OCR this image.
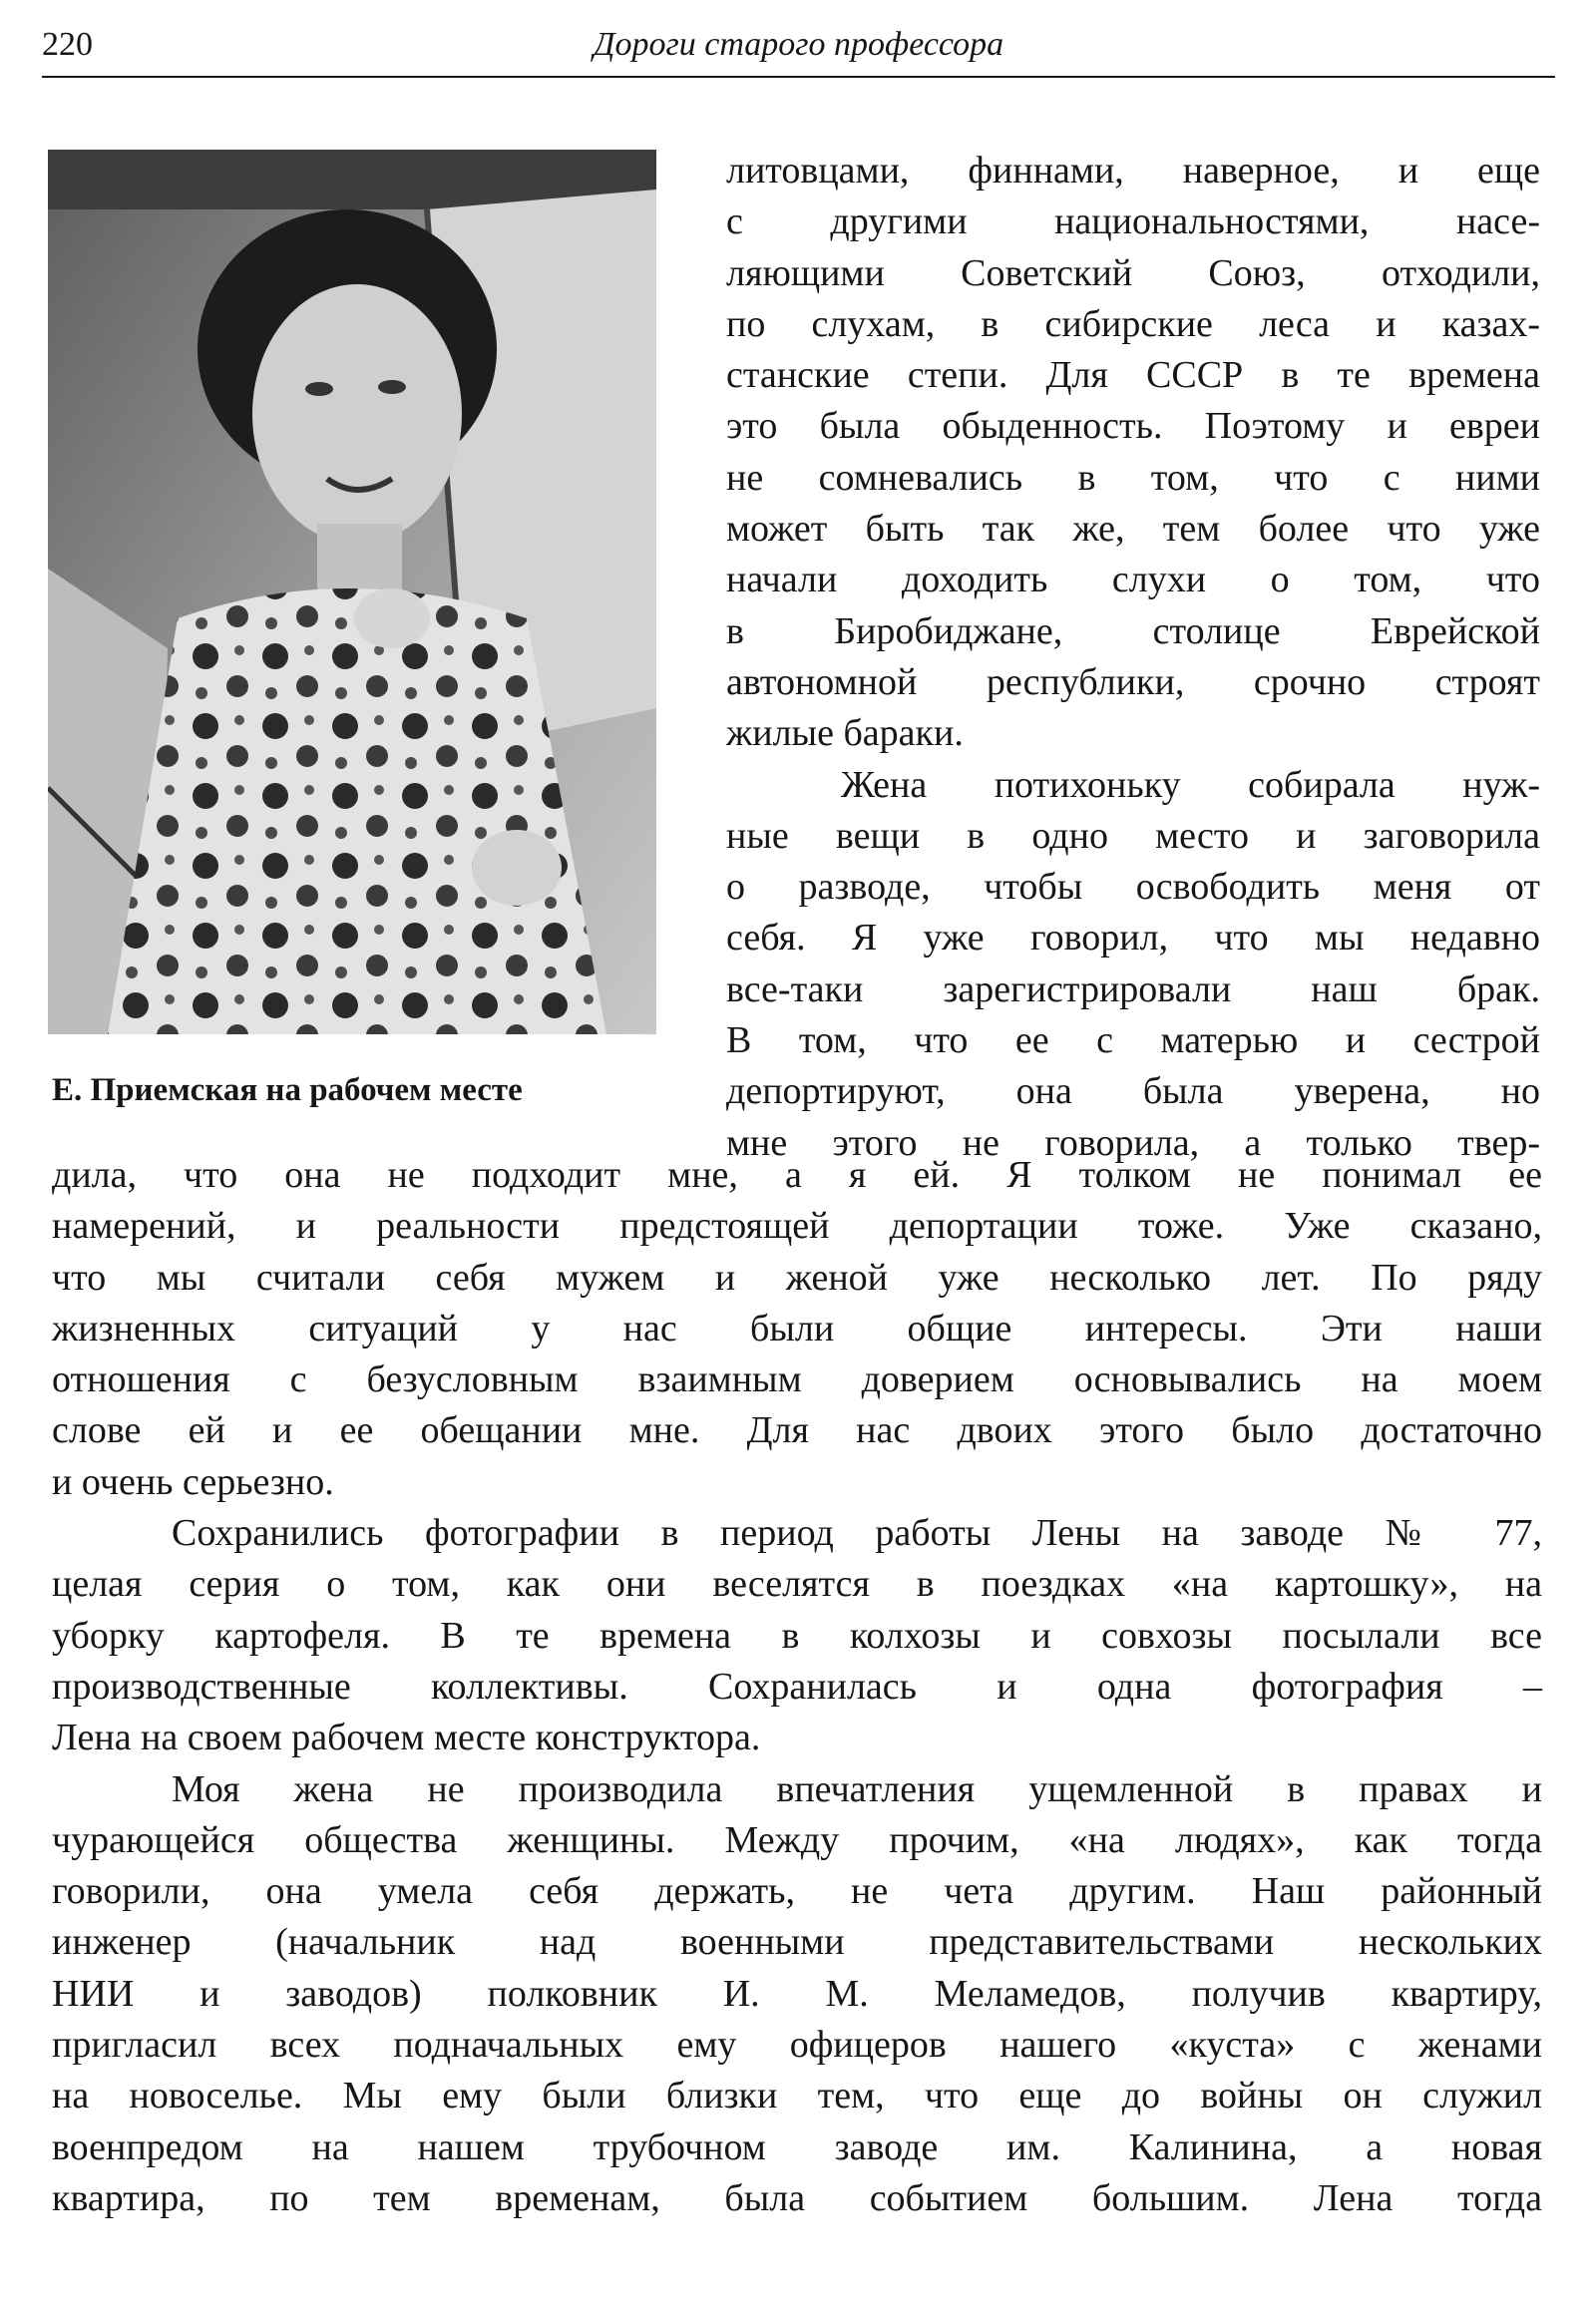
220	Дороги старого профессора
Е. Приемская на рабочем месте
литовцами, финнами, наверное, и еще
с другими национальностями, насе-
ляющими Советский Союз, отходили,
по слухам, в сибирские леса и казах-
станские степи. Для СССР в те времена
это была обыденность. Поэтому и евреи
не сомневались в том, что с ними
может быть так же, тем более что уже
начали доходить слухи о том, что
в Биробиджане, столице Еврейской
автономной республики, срочно строят
жилые бараки.
Жена потихоньку собирала нуж-
ные вещи в одно место и заговорила
о разводе, чтобы освободить меня от
себя. Я уже говорил, что мы недавно
все-таки зарегистрировали наш брак.
В том, что ее с матерью и сестрой
депортируют, она была уверена, но
мне этого не говорила, а только твер-
дила, что она не подходит мне, а я ей. Я толком не понимал ее
намерений, и реальности предстоящей депортации тоже. Уже сказано,
что мы считали себя мужем и женой уже несколько лет. По ряду
жизненных ситуаций у нас были общие интересы. Эти наши
отношения с безусловным взаимным доверием основывались на моем
слове ей и ее обещании мне. Для нас двоих этого было достаточно
и очень серьезно.
Сохранились фотографии в период работы Лены на заводе № 77,
целая серия о том, как они веселятся в поездках «на картошку», на
уборку картофеля. В те времена в колхозы и совхозы посылали все
производственные коллективы. Сохранилась и одна фотография –
Лена на своем рабочем месте конструктора.
Моя жена не производила впечатления ущемленной в правах и
чурающейся общества женщины. Между прочим, «на людях», как тогда
говорили, она умела себя держать, не чета другим. Наш районный
инженер (начальник над военными представительствами нескольких
НИИ и заводов) полковник И. М. Меламедов, получив квартиру,
пригласил всех подначальных ему офицеров нашего «куста» с женами
на новоселье. Мы ему были близки тем, что еще до войны он служил
военпредом на нашем трубочном заводе им. Калинина, а новая
квартира, по тем временам, была событием большим. Лена тогда
